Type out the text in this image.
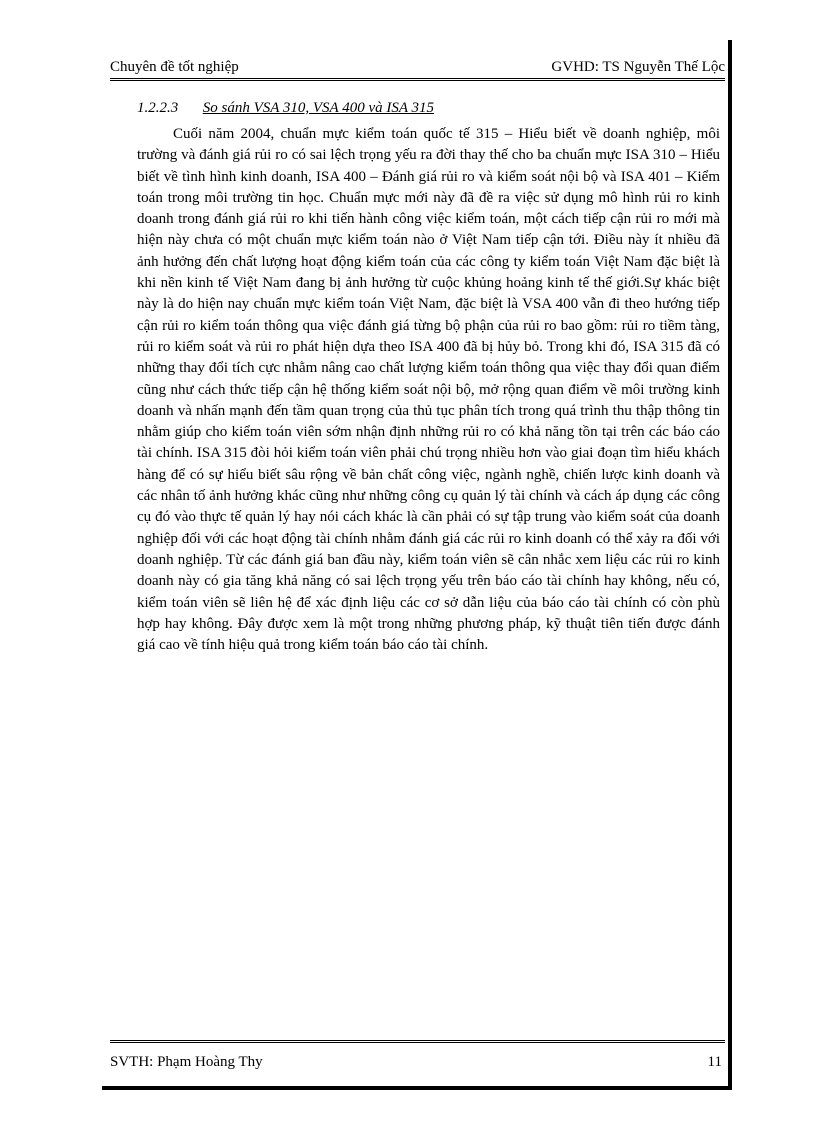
Chuyên đề tốt nghiệp	GVHD: TS Nguyễn Thế Lộc
1.2.2.3 So sánh VSA 310, VSA 400 và ISA 315

Cuối năm 2004, chuẩn mực kiểm toán quốc tế 315 – Hiểu biết về doanh nghiệp, môi trường và đánh giá rủi ro có sai lệch trọng yếu ra đời thay thế cho ba chuẩn mực ISA 310 – Hiểu biết về tình hình kinh doanh, ISA 400 – Đánh giá rủi ro và kiểm soát nội bộ và ISA 401 – Kiểm toán trong môi trường tin học. Chuẩn mực mới này đã đề ra việc sử dụng mô hình rủi ro kinh doanh trong đánh giá rủi ro khi tiến hành công việc kiểm toán, một cách tiếp cận rủi ro mới mà hiện này chưa có một chuẩn mực kiểm toán nào ở Việt Nam tiếp cận tới. Điều này ít nhiều đã ảnh hưởng đến chất lượng hoạt động kiểm toán của các công ty kiểm toán Việt Nam đặc biệt là khi nền kinh tế Việt Nam đang bị ảnh hưởng từ cuộc khủng hoảng kinh tế thế giới.Sự khác biệt này là do hiện nay chuẩn mực kiểm toán Việt Nam, đặc biệt là VSA 400 vẫn đi theo hướng tiếp cận rủi ro kiểm toán thông qua việc đánh giá từng bộ phận của rủi ro bao gồm: rủi ro tiềm tàng, rủi ro kiểm soát và rủi ro phát hiện dựa theo ISA 400 đã bị hủy bỏ. Trong khi đó, ISA 315 đã có những thay đổi tích cực nhằm nâng cao chất lượng kiểm toán thông qua việc thay đổi quan điểm cũng như cách thức tiếp cận hệ thống kiểm soát nội bộ, mở rộng quan điểm về môi trường kinh doanh và nhấn mạnh đến tầm quan trọng của thủ tục phân tích trong quá trình thu thập thông tin nhằm giúp cho kiểm toán viên sớm nhận định những rủi ro có khả năng tồn tại trên các báo cáo tài chính. ISA 315 đòi hỏi kiểm toán viên phải chú trọng nhiều hơn vào giai đoạn tìm hiểu khách hàng để có sự hiểu biết sâu rộng về bản chất công việc, ngành nghề, chiến lược kinh doanh và các nhân tố ảnh hưởng khác cũng như những công cụ quản lý tài chính và cách áp dụng các công cụ đó vào thực tế quản lý hay nói cách khác là cần phải có sự tập trung vào kiểm soát của doanh nghiệp đối với các hoạt động tài chính nhằm đánh giá các rủi ro kinh doanh có thể xảy ra đối với doanh nghiệp. Từ các đánh giá ban đầu này, kiểm toán viên sẽ cân nhắc xem liệu các rủi ro kinh doanh này có gia tăng khả năng có sai lệch trọng yếu trên báo cáo tài chính hay không, nếu có, kiểm toán viên sẽ liên hệ để xác định liệu các cơ sở dẫn liệu của báo cáo tài chính có còn phù hợp hay không. Đây được xem là một trong những phương pháp, kỹ thuật tiên tiến được đánh giá cao về tính hiệu quả trong kiểm toán báo cáo tài chính.

SVTH: Phạm Hoàng Thy	11
